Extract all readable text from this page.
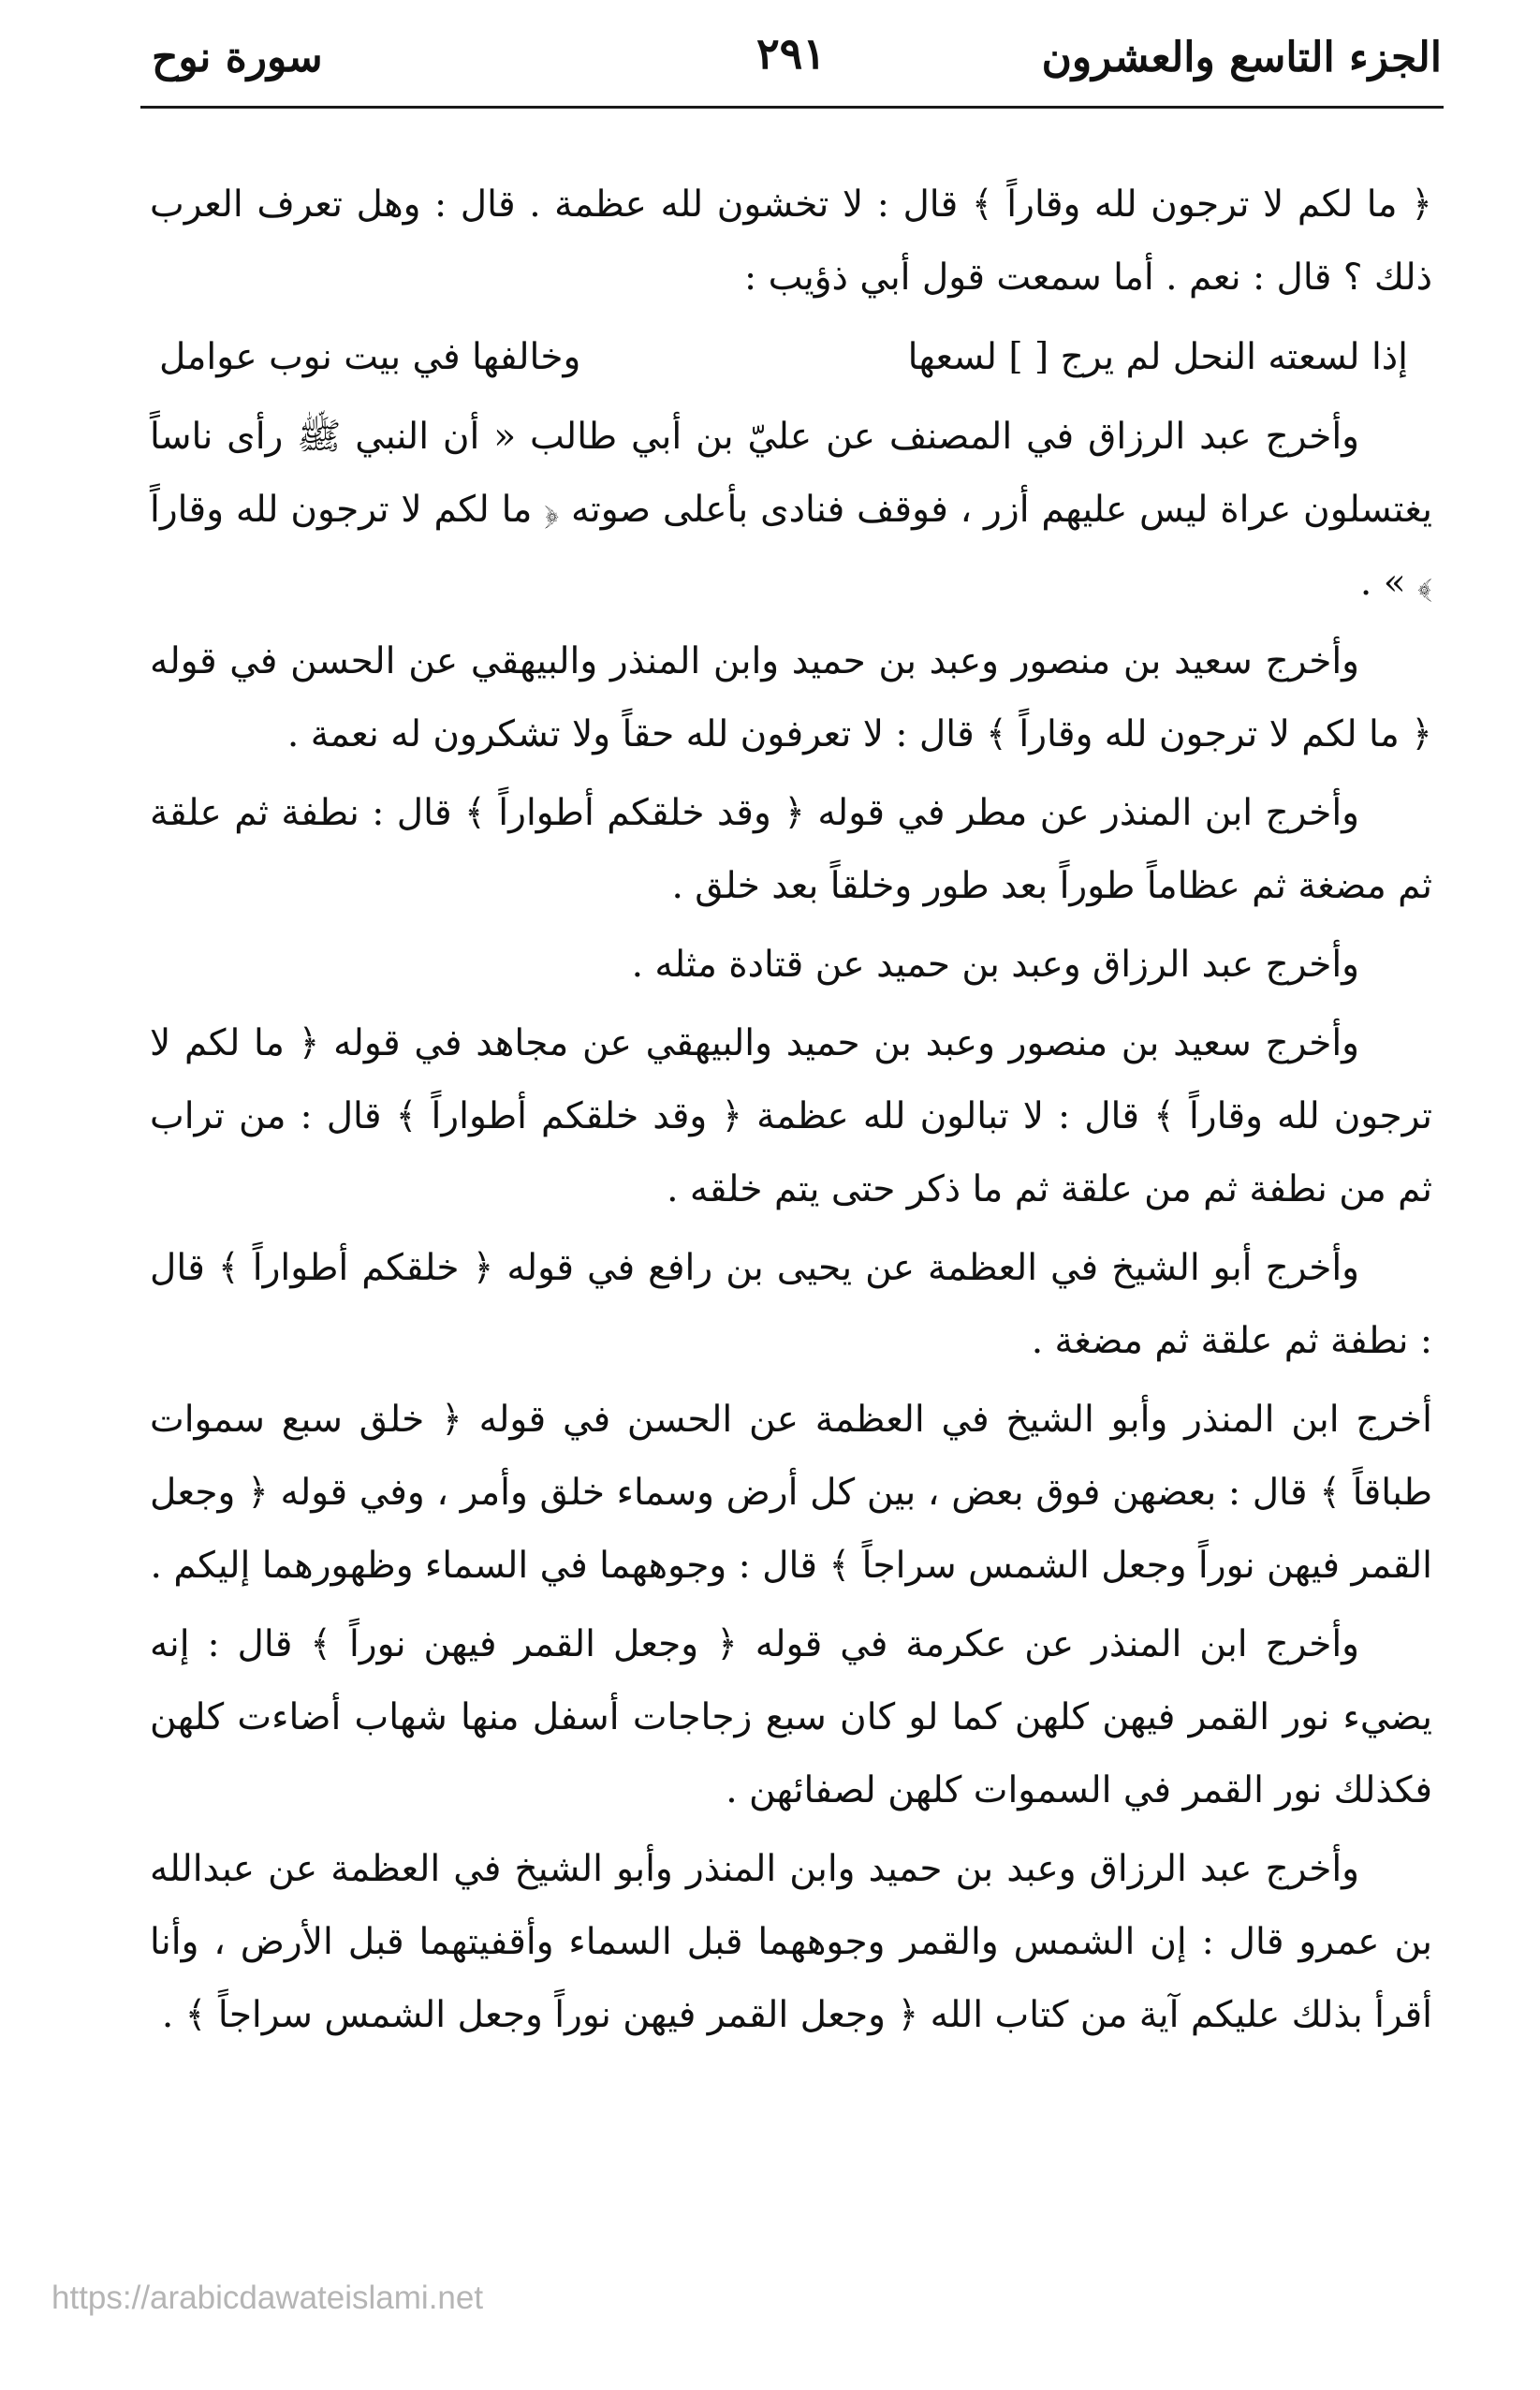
الجزء التاسع والعشرون
٢٩١
سورة نوح

﴿ ما لكم لا ترجون لله وقاراً ﴾ قال : لا تخشون لله عظمة . قال : وهل تعرف العرب ذلك ؟ قال : نعم . أما سمعت قول أبي ذؤيب :

إذا لسعته النحل لم يرج [ ] لسعها
وخالفها في بيت نوب عوامل

وأخرج عبد الرزاق في المصنف عن عليّ بن أبي طالب « أن النبي ﷺ رأى ناساً يغتسلون عراة ليس عليهم أزر ، فوقف فنادى بأعلى صوته ﴿ ما لكم لا ترجون لله وقاراً ﴾ » .

وأخرج سعيد بن منصور وعبد بن حميد وابن المنذر والبيهقي عن الحسن في قوله ﴿ ما لكم لا ترجون لله وقاراً ﴾ قال : لا تعرفون لله حقاً ولا تشكرون له نعمة .

وأخرج ابن المنذر عن مطر في قوله ﴿ وقد خلقكم أطواراً ﴾ قال : نطفة ثم علقة ثم مضغة ثم عظاماً طوراً بعد طور وخلقاً بعد خلق .

وأخرج عبد الرزاق وعبد بن حميد عن قتادة مثله .

وأخرج سعيد بن منصور وعبد بن حميد والبيهقي عن مجاهد في قوله ﴿ ما لكم لا ترجون لله وقاراً ﴾ قال : لا تبالون لله عظمة ﴿ وقد خلقكم أطواراً ﴾ قال : من تراب ثم من نطفة ثم من علقة ثم ما ذكر حتى يتم خلقه .

وأخرج أبو الشيخ في العظمة عن يحيى بن رافع في قوله ﴿ خلقكم أطواراً ﴾ قال : نطفة ثم علقة ثم مضغة .

أخرج ابن المنذر وأبو الشيخ في العظمة عن الحسن في قوله ﴿ خلق سبع سموات طباقاً ﴾ قال : بعضهن فوق بعض ، بين كل أرض وسماء خلق وأمر ، وفي قوله ﴿ وجعل القمر فيهن نوراً وجعل الشمس سراجاً ﴾ قال : وجوههما في السماء وظهورهما إليكم .

وأخرج ابن المنذر عن عكرمة في قوله ﴿ وجعل القمر فيهن نوراً ﴾ قال : إنه يضيء نور القمر فيهن كلهن كما لو كان سبع زجاجات أسفل منها شهاب أضاءت كلهن فكذلك نور القمر في السموات كلهن لصفائهن .

وأخرج عبد الرزاق وعبد بن حميد وابن المنذر وأبو الشيخ في العظمة عن عبدالله بن عمرو قال : إن الشمس والقمر وجوههما قبل السماء وأقفيتهما قبل الأرض ، وأنا أقرأ بذلك عليكم آية من كتاب الله ﴿ وجعل القمر فيهن نوراً وجعل الشمس سراجاً ﴾ .

https://arabicdawateislami.net
